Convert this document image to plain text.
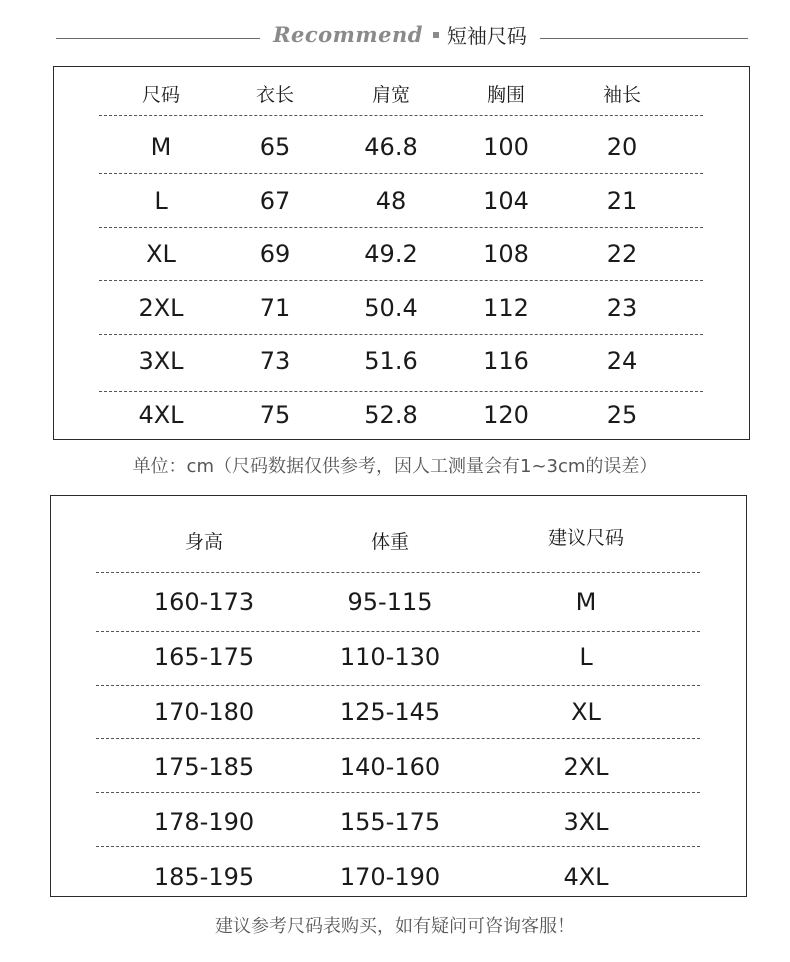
Recommend 短袖尺码
尺码	衣长	肩宽	胸围	袖长
M	65	46.8	100	20
L	67	48	104	21
XL	69	49.2	108	22
2XL	71	50.4	112	23
3XL	73	51.6	116	24
4XL	75	52.8	120	25
单位：cm（尺码数据仅供参考，因人工测量会有1~3cm的误差）
身高	体重	建议尺码
160-173	95-115	M
165-175	110-130	L
170-180	125-145	XL
175-185	140-160	2XL
178-190	155-175	3XL
185-195	170-190	4XL
建议参考尺码表购买，如有疑问可咨询客服！
